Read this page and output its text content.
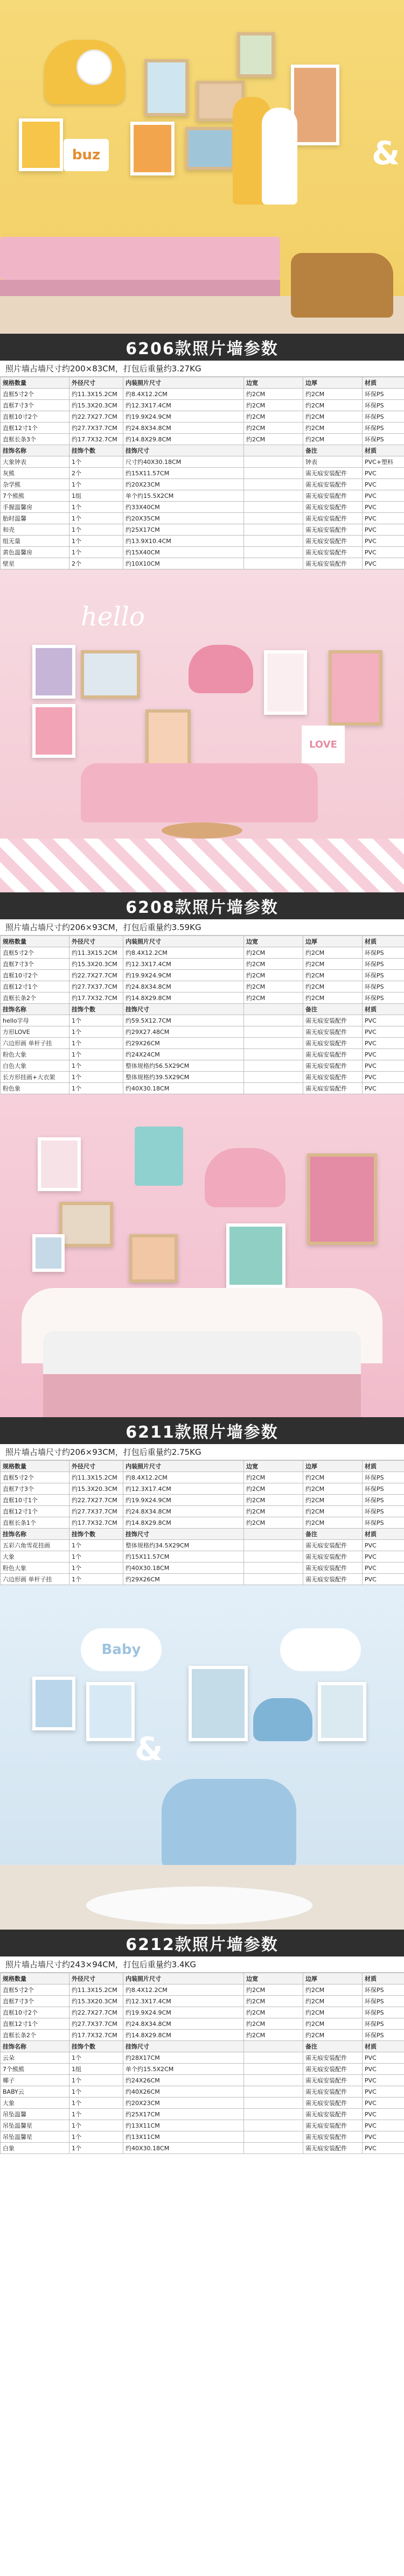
buz	&
6206款照片墙参数
照片墙占墙尺寸约200×83CM，打包后重量约3.27KG
规格数量	外径尺寸	内装照片尺寸	边宽	边厚	材质
直框5寸2个	约11.3X15.2CM	约8.4X12.2CM	约2CM	约2CM	环保PS
直框7寸3个	约15.3X20.3CM	约12.3X17.4CM	约2CM	约2CM	环保PS
直框10寸2个	约22.7X27.7CM	约19.9X24.9CM	约2CM	约2CM	环保PS
直框12寸1个	约27.7X37.7CM	约24.8X34.8CM	约2CM	约2CM	环保PS
直框长条3个	约17.7X32.7CM	约14.8X29.8CM	约2CM	约2CM	环保PS
挂饰名称	挂饰个数	挂饰尺寸		备注	材质
大象钟表	1个	尺寸约40X30.18CM		钟表	PVC+塑料
灰熊	2个	约15X11.57CM		需无痕安装配件	PVC
杂学熊	1个	约20X23CM		需无痕安装配件	PVC
7个熊熊	1组	单个约15.5X2CM		需无痕安装配件	PVC
手握温馨房	1个	约33X40CM		需无痕安装配件	PVC
胎时温馨	1个	约20X35CM		需无痕安装配件	PVC
和壳	1个	约25X17CM		需无痕安装配件	PVC
组无量	1个	约13.9X10.4CM		需无痕安装配件	PVC
黄色温馨房	1个	约15X40CM		需无痕安装配件	PVC
壁星	2个	约10X10CM		需无痕安装配件	PVC
hello
LOVE
6208款照片墙参数
照片墙占墙尺寸约206×93CM，打包后重量约3.59KG
规格数量	外径尺寸	内装照片尺寸	边宽	边厚	材质
直框5寸2个	约11.3X15.2CM	约8.4X12.2CM	约2CM	约2CM	环保PS
直框7寸3个	约15.3X20.3CM	约12.3X17.4CM	约2CM	约2CM	环保PS
直框10寸2个	约22.7X27.7CM	约19.9X24.9CM	约2CM	约2CM	环保PS
直框12寸1个	约27.7X37.7CM	约24.8X34.8CM	约2CM	约2CM	环保PS
直框长条2个	约17.7X32.7CM	约14.8X29.8CM	约2CM	约2CM	环保PS
挂饰名称	挂饰个数	挂饰尺寸		备注	材质
hello字母	1个	约59.5X12.7CM		需无痕安装配件	PVC
方形LOVE	1个	约29X27.48CM		需无痕安装配件	PVC
六边形画 单杆子挂	1个	约29X26CM		需无痕安装配件	PVC
粉色大象	1个	约24X24CM		需无痕安装配件	PVC
白色大象	1个	整体规格约56.5X29CM		需无痕安装配件	PVC
长方形挂画+大衣架	1个	整体规格约39.5X29CM		需无痕安装配件	PVC
粉色象	1个	约40X30.18CM		需无痕安装配件	PVC
6211款照片墙参数
照片墙占墙尺寸约206×93CM，打包后重量约2.75KG
规格数量	外径尺寸	内装照片尺寸	边宽	边厚	材质
直框5寸2个	约11.3X15.2CM	约8.4X12.2CM	约2CM	约2CM	环保PS
直框7寸3个	约15.3X20.3CM	约12.3X17.4CM	约2CM	约2CM	环保PS
直框10寸1个	约22.7X27.7CM	约19.9X24.9CM	约2CM	约2CM	环保PS
直框12寸1个	约27.7X37.7CM	约24.8X34.8CM	约2CM	约2CM	环保PS
直框长条1个	约17.7X32.7CM	约14.8X29.8CM	约2CM	约2CM	环保PS
挂饰名称	挂饰个数	挂饰尺寸		备注	材质
五彩六角雪花挂画	1个	整体规格约34.5X29CM		需无痕安装配件	PVC
大象	1个	约15X11.57CM		需无痕安装配件	PVC
粉色大象	1个	约40X30.18CM		需无痕安装配件	PVC
六边形画 单杆子挂	1个	约29X26CM		需无痕安装配件	PVC
Baby
&
6212款照片墙参数
照片墙占墙尺寸约243×94CM，打包后重量约3.4KG
规格数量	外径尺寸	内装照片尺寸	边宽	边厚	材质
直框5寸2个	约11.3X15.2CM	约8.4X12.2CM	约2CM	约2CM	环保PS
直框7寸3个	约15.3X20.3CM	约12.3X17.4CM	约2CM	约2CM	环保PS
直框10寸2个	约22.7X27.7CM	约19.9X24.9CM	约2CM	约2CM	环保PS
直框12寸1个	约27.7X37.7CM	约24.8X34.8CM	约2CM	约2CM	环保PS
直框长条2个	约17.7X32.7CM	约14.8X29.8CM	约2CM	约2CM	环保PS
挂饰名称	挂饰个数	挂饰尺寸		备注	材质
云朵	1个	约28X17CM		需无痕安装配件	PVC
7个熊熊	1组	单个约15.5X2CM		需无痕安装配件	PVC
椰子	1个	约24X26CM		需无痕安装配件	PVC
BABY云	1个	约40X26CM		需无痕安装配件	PVC
大象	1个	约20X23CM		需无痕安装配件	PVC
吊坠温馨	1个	约25X17CM		需无痕安装配件	PVC
吊坠温馨星	1个	约13X11CM		需无痕安装配件	PVC
吊坠温馨星	1个	约13X11CM		需无痕安装配件	PVC
白象	1个	约40X30.18CM		需无痕安装配件	PVC
